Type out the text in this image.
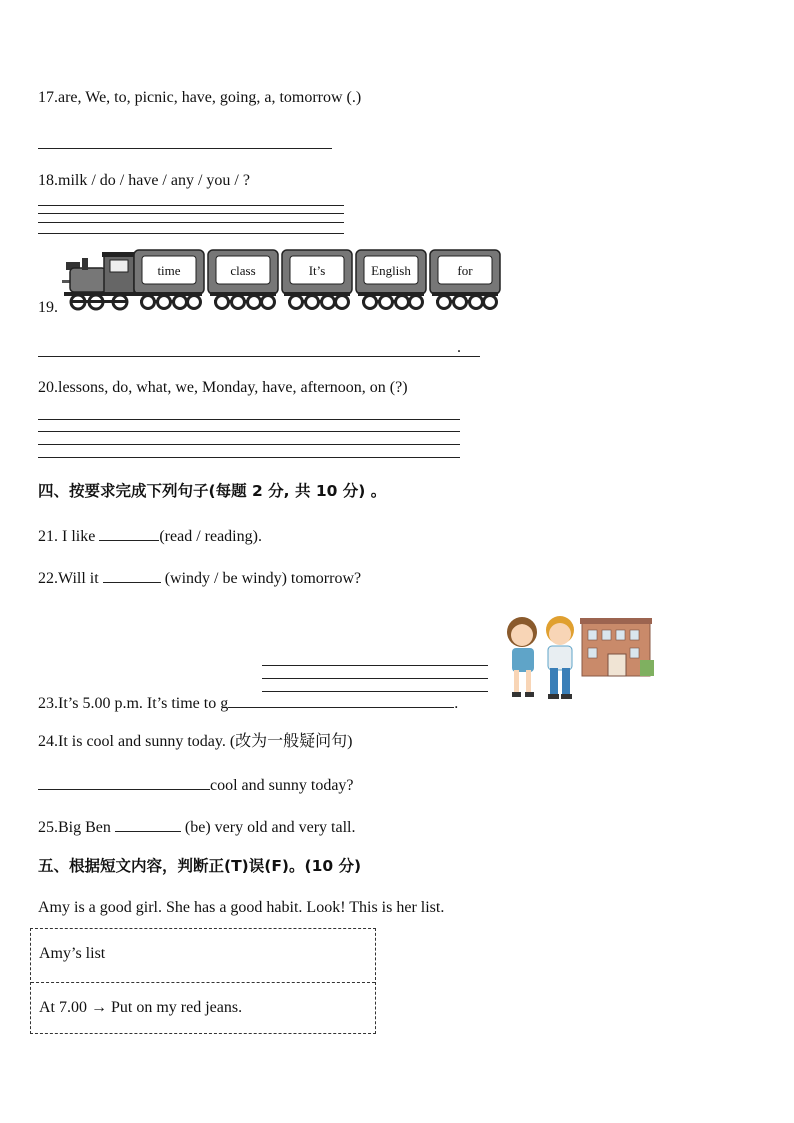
17.are, We, to, picnic, have, going, a, tomorrow (.)
18.milk / do / have / any / you / ?
19.
time	class	It’s	English	for
.
20.lessons, do, what, we, Monday, have, afternoon, on (?)
四、按要求完成下列句子(每题 2 分, 共 10 分) 。
21. I like	(read / reading).
22.Will it	(windy / be windy) tomorrow?
23.It’s 5.00 p.m. It’s time to g	.
24.It is cool and sunny today. (改为一般疑问句)
cool and sunny today?
25.Big Ben	(be) very old and very tall.
五、根据短文内容，判断正(T)误(F)。(10 分)
Amy is a good girl. She has a good habit. Look! This is her list.
Amy’s list
At 7.00 → Put on my red jeans.
